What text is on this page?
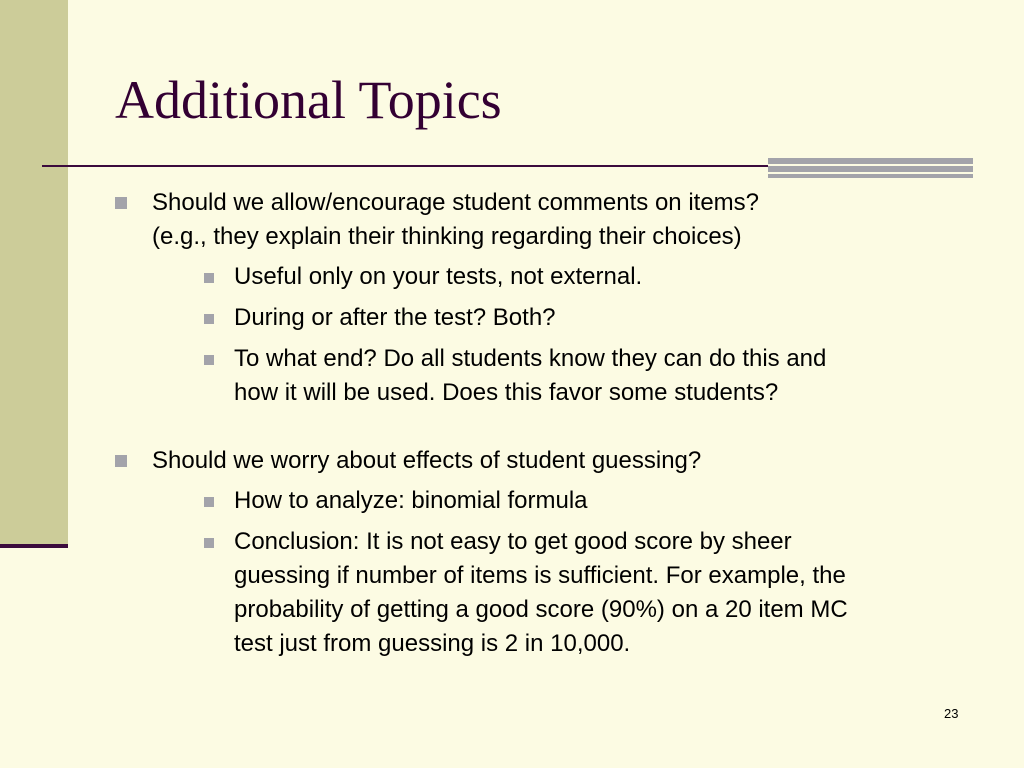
Additional Topics
Should we allow/encourage student comments on items?
(e.g., they explain their thinking regarding their choices)
Useful only on your tests, not external.
During or after the test? Both?
To what end? Do all students know they can do this and
how it will be used. Does this favor some students?
Should we worry about effects of student guessing?
How to analyze: binomial formula
Conclusion: It is not easy to get good score by sheer
guessing if number of items is sufficient. For example, the
probability of getting a good score (90%) on a 20 item MC
test just from guessing is 2 in 10,000.
23
